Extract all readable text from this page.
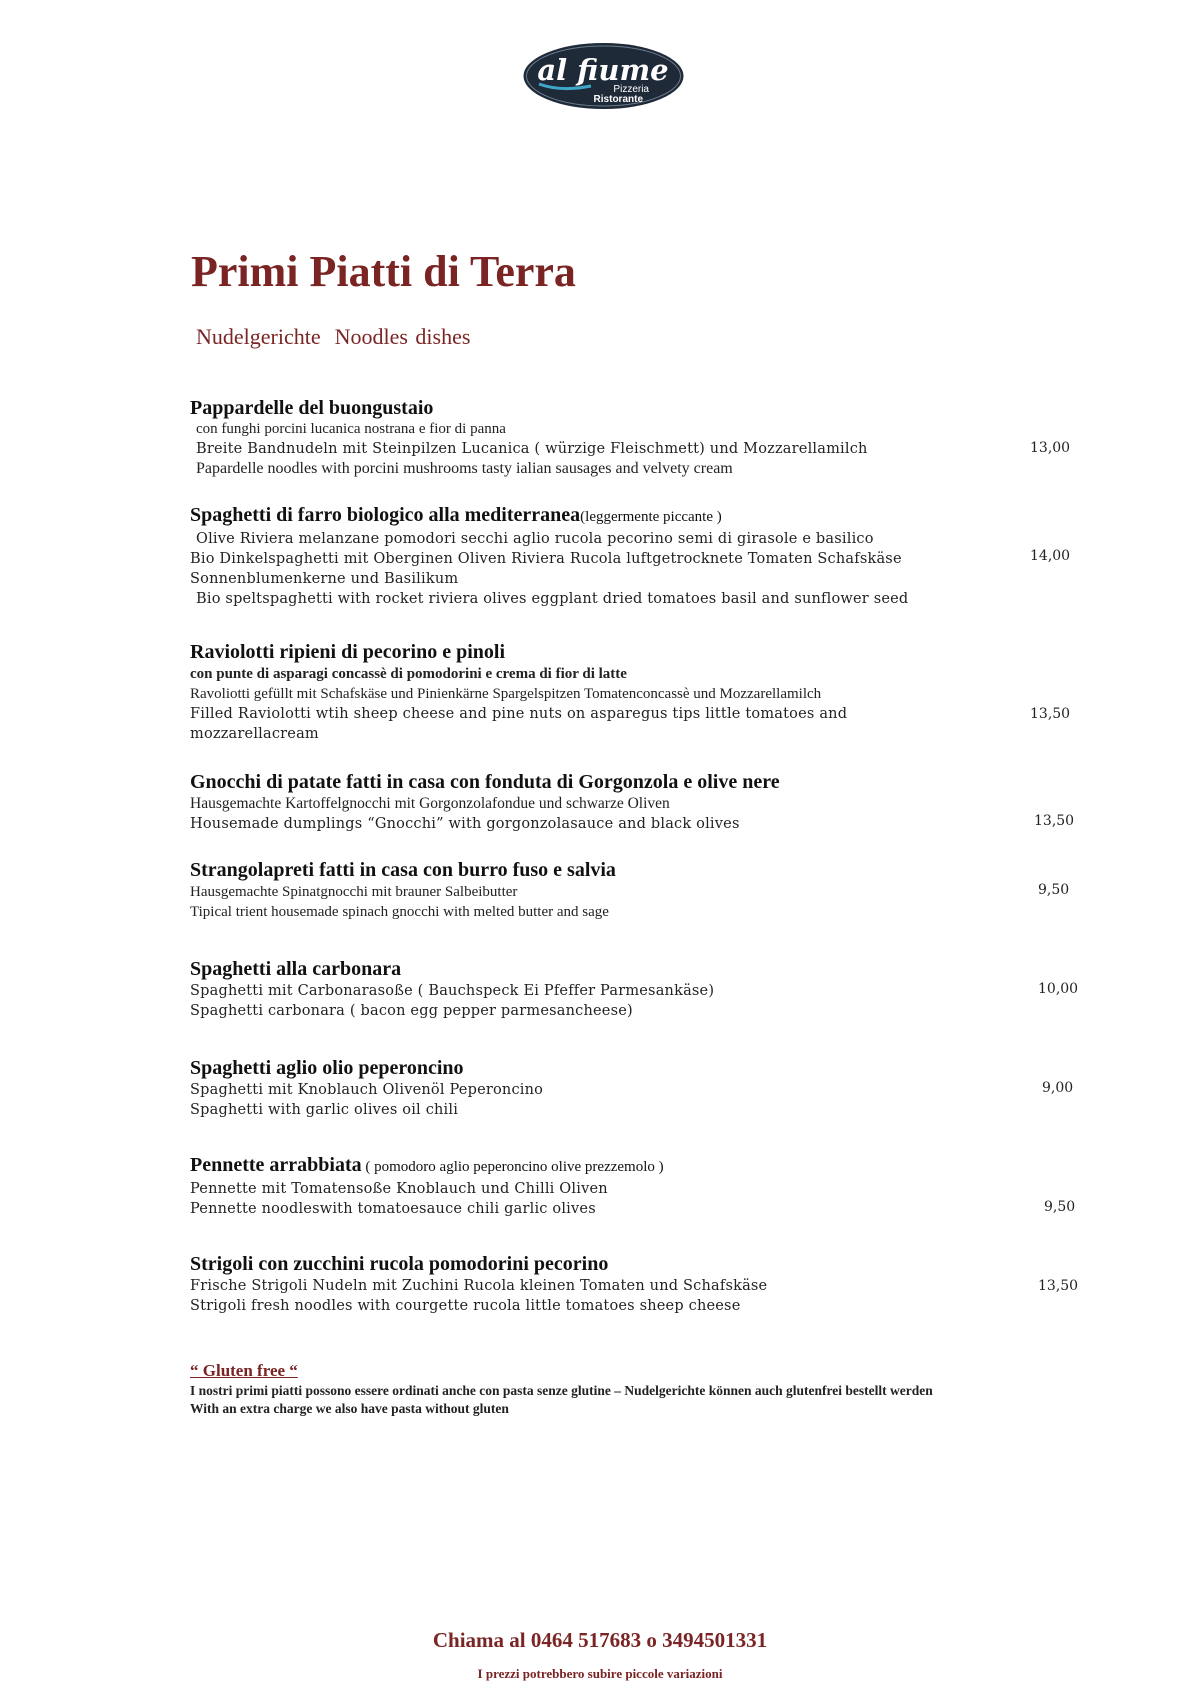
al fiume
Pizzeria
Ristorante
Primi Piatti di Terra
Nudelgerichte Noodles dishes
Pappardelle del buongustaio
con funghi porcini lucanica nostrana e fior di panna
Breite Bandnudeln mit Steinpilzen Lucanica ( würzige Fleischmett) und Mozzarellamilch
Papardelle noodles with porcini mushrooms tasty ialian sausages and velvety cream
13,00
Spaghetti di farro biologico alla mediterranea(leggermente piccante )
Olive Riviera melanzane pomodori secchi aglio rucola pecorino semi di girasole e basilico
Bio Dinkelspaghetti mit Oberginen Oliven Riviera Rucola luftgetrocknete Tomaten Schafskäse
Sonnenblumenkerne und Basilikum
Bio speltspaghetti with rocket riviera olives eggplant dried tomatoes basil and sunflower seed
14,00
Raviolotti ripieni di pecorino e pinoli
con punte di asparagi concassè di pomodorini e crema di fior di latte
Ravoliotti gefüllt mit Schafskäse und Pinienkärne Spargelspitzen Tomatenconcassè und Mozzarellamilch
Filled Raviolotti wtih sheep cheese and pine nuts on asparegus tips little tomatoes and
mozzarellacream
13,50
Gnocchi di patate fatti in casa con fonduta di Gorgonzola e olive nere
Hausgemachte Kartoffelgnocchi mit Gorgonzolafondue und schwarze Oliven
Housemade dumplings “Gnocchi” with gorgonzolasauce and black olives	13,50
Strangolapreti fatti in casa con burro fuso e salvia
Hausgemachte Spinatgnocchi mit brauner Salbeibutter
Tipical trient housemade spinach gnocchi with melted butter and sage
9,50
Spaghetti alla carbonara
Spaghetti mit Carbonarasoße ( Bauchspeck Ei Pfeffer Parmesankäse)
Spaghetti carbonara ( bacon egg pepper parmesancheese)
10,00
Spaghetti aglio olio peperoncino
Spaghetti mit Knoblauch Olivenöl Peperoncino
Spaghetti with garlic olives oil chili
9,00
Pennette arrabbiata ( pomodoro aglio peperoncino olive prezzemolo )
Pennette mit Tomatensoße Knoblauch und Chilli Oliven
Pennette noodleswith tomatoesauce chili garlic olives	9,50
Strigoli con zucchini rucola pomodorini pecorino
Frische Strigoli Nudeln mit Zuchini Rucola kleinen Tomaten und Schafskäse
Strigoli fresh noodles with courgette rucola little tomatoes sheep cheese
13,50
“ Gluten free “
I nostri primi piatti possono essere ordinati anche con pasta senze glutine – Nudelgerichte können auch glutenfrei bestellt werden
With an extra charge we also have pasta without gluten
Chiama al 0464 517683 o 3494501331
I prezzi potrebbero subire piccole variazioni
